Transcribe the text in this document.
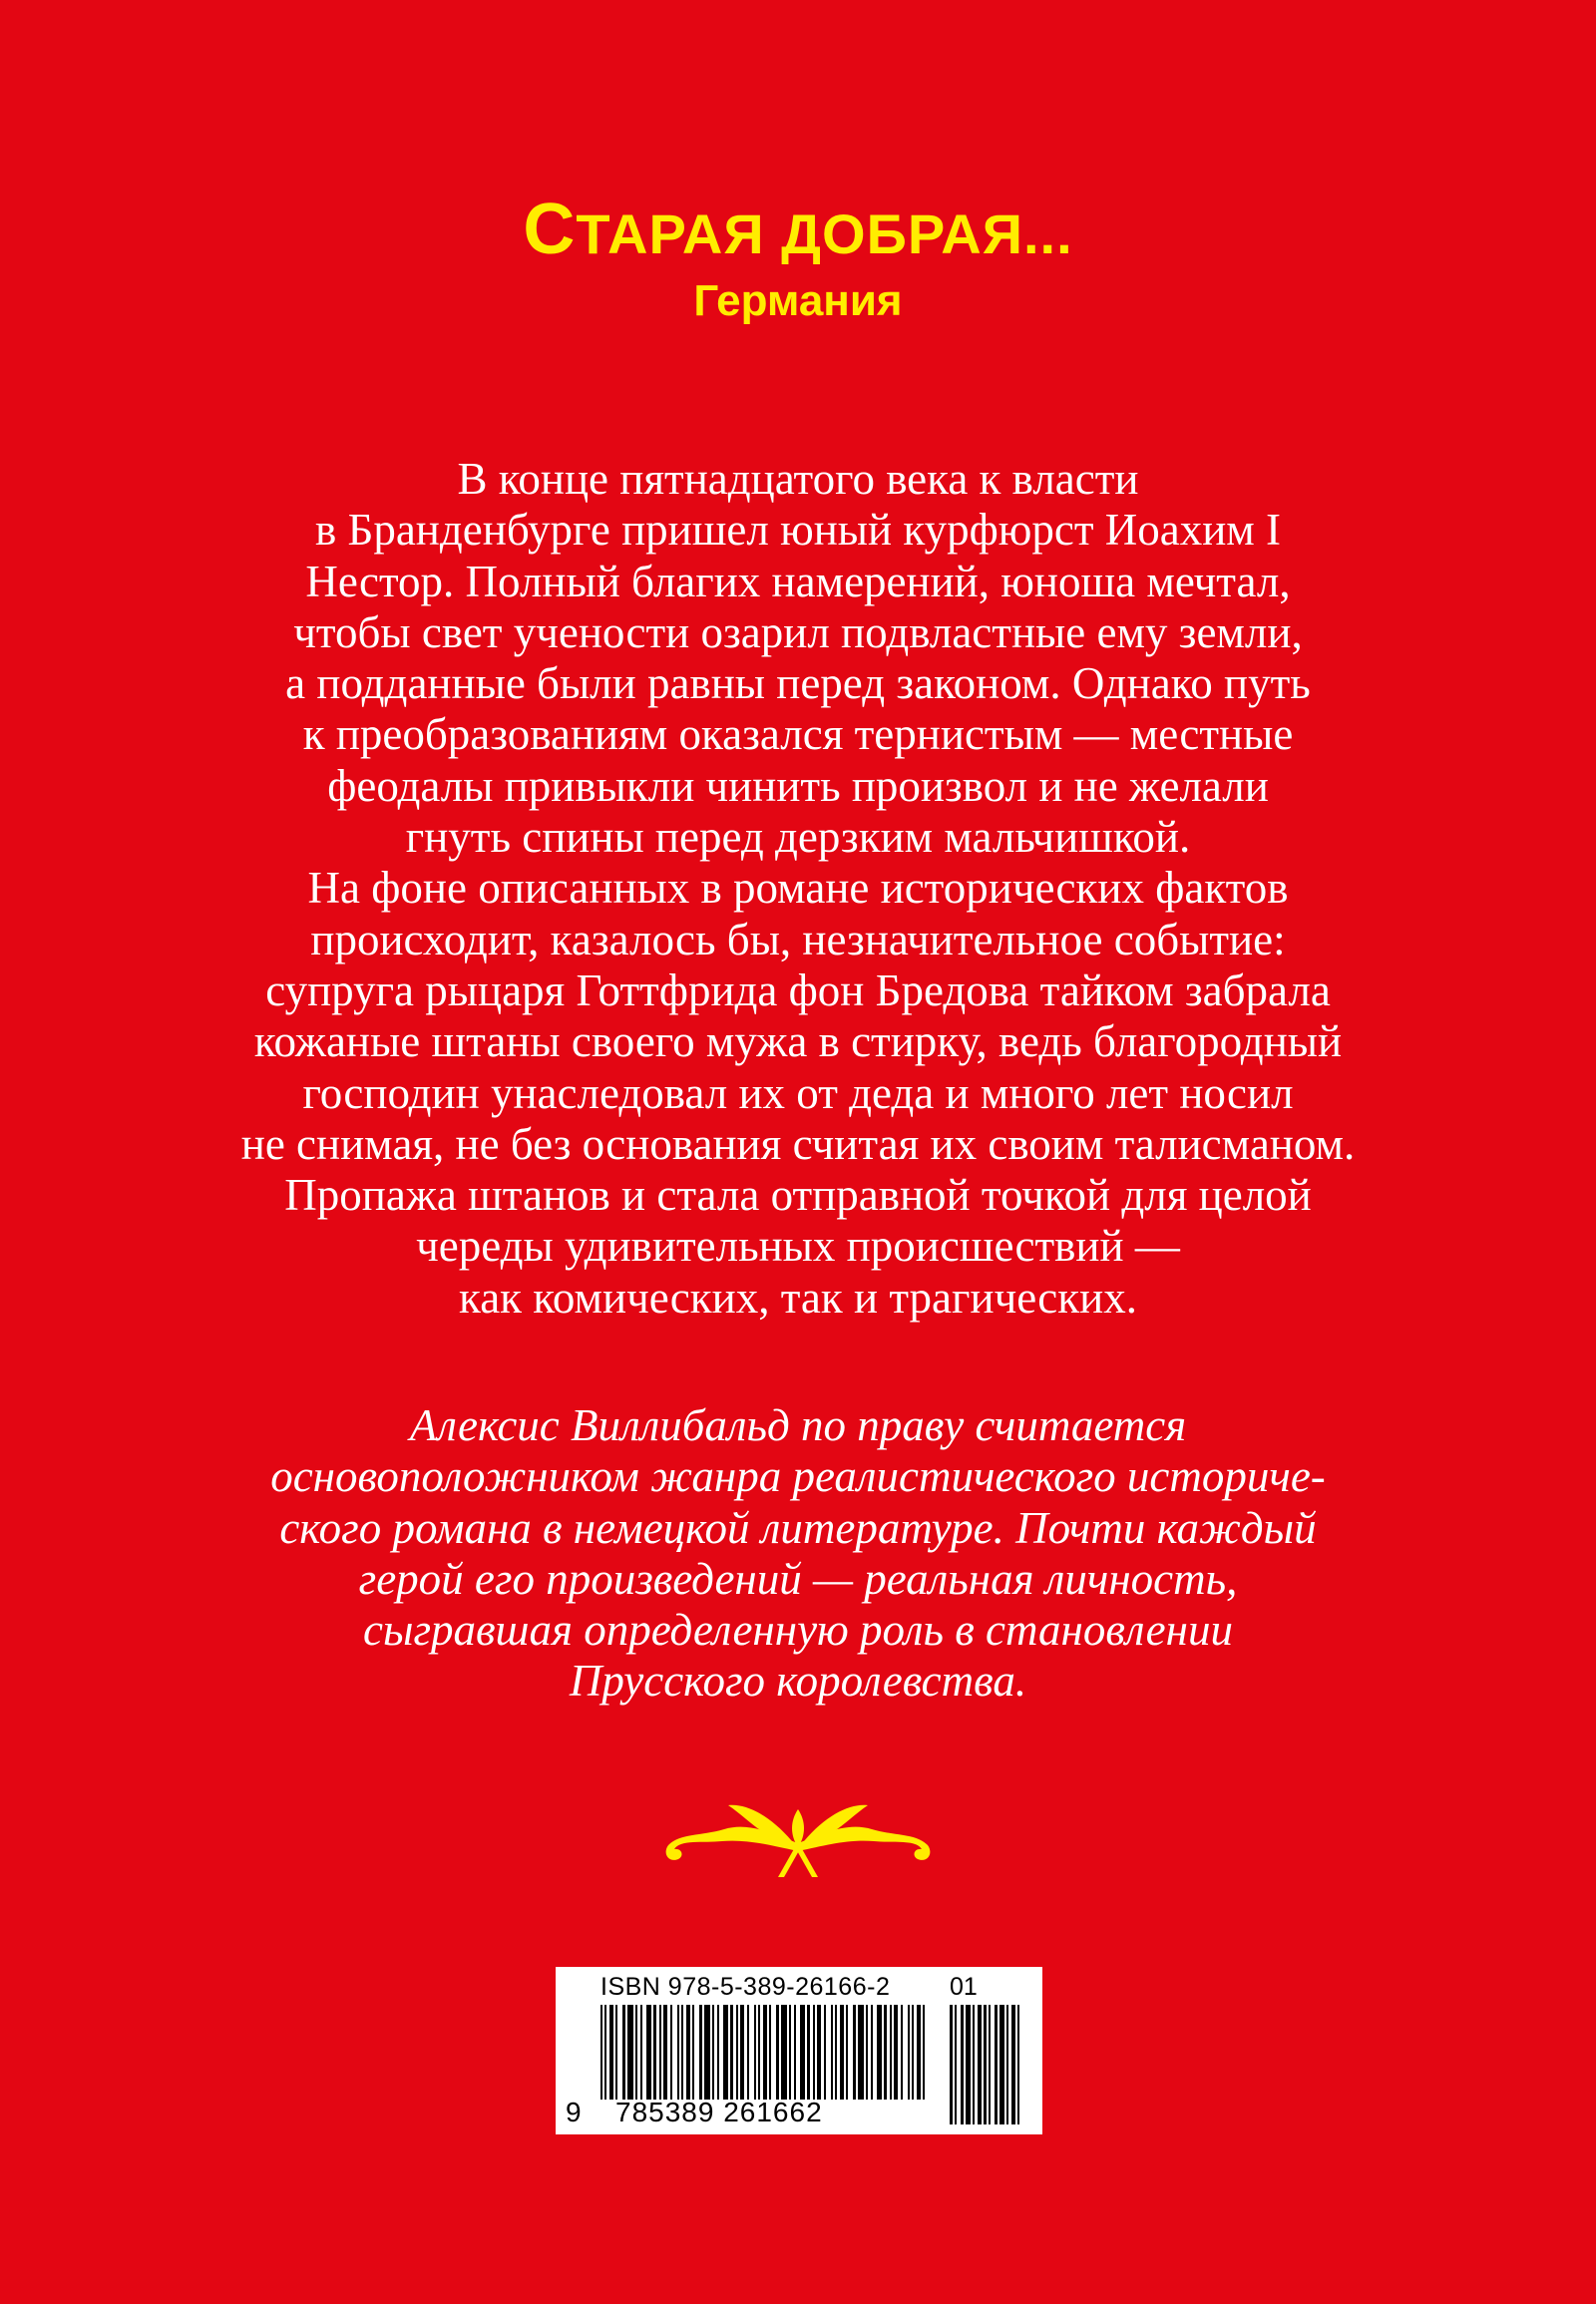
СТАРАЯ ДОБРАЯ...
Германия
В конце пятнадцатого века к власти
в Бранденбурге пришел юный курфюрст Иоахим I
Нестор. Полный благих намерений, юноша мечтал,
чтобы свет учености озарил подвластные ему земли,
а подданные были равны перед законом. Однако путь
к преобразованиям оказался тернистым — местные
феодалы привыкли чинить произвол и не желали
гнуть спины перед дерзким мальчишкой.
На фоне описанных в романе исторических фактов
происходит, казалось бы, незначительное событие:
супруга рыцаря Готтфрида фон Бредова тайком забрала
кожаные штаны своего мужа в стирку, ведь благородный
господин унаследовал их от деда и много лет носил
не снимая, не без основания считая их своим талисманом.
Пропажа штанов и стала отправной точкой для целой
череды удивительных происшествий —
как комических, так и трагических.
Алексис Виллибальд по праву считается
основоположником жанра реалистического историче-
ского романа в немецкой литературе. Почти каждый
герой его произведений — реальная личность,
сыгравшая определенную роль в становлении
Прусского королевства.
ISBN 978-5-389-26166-2 01
9 785389 261662
